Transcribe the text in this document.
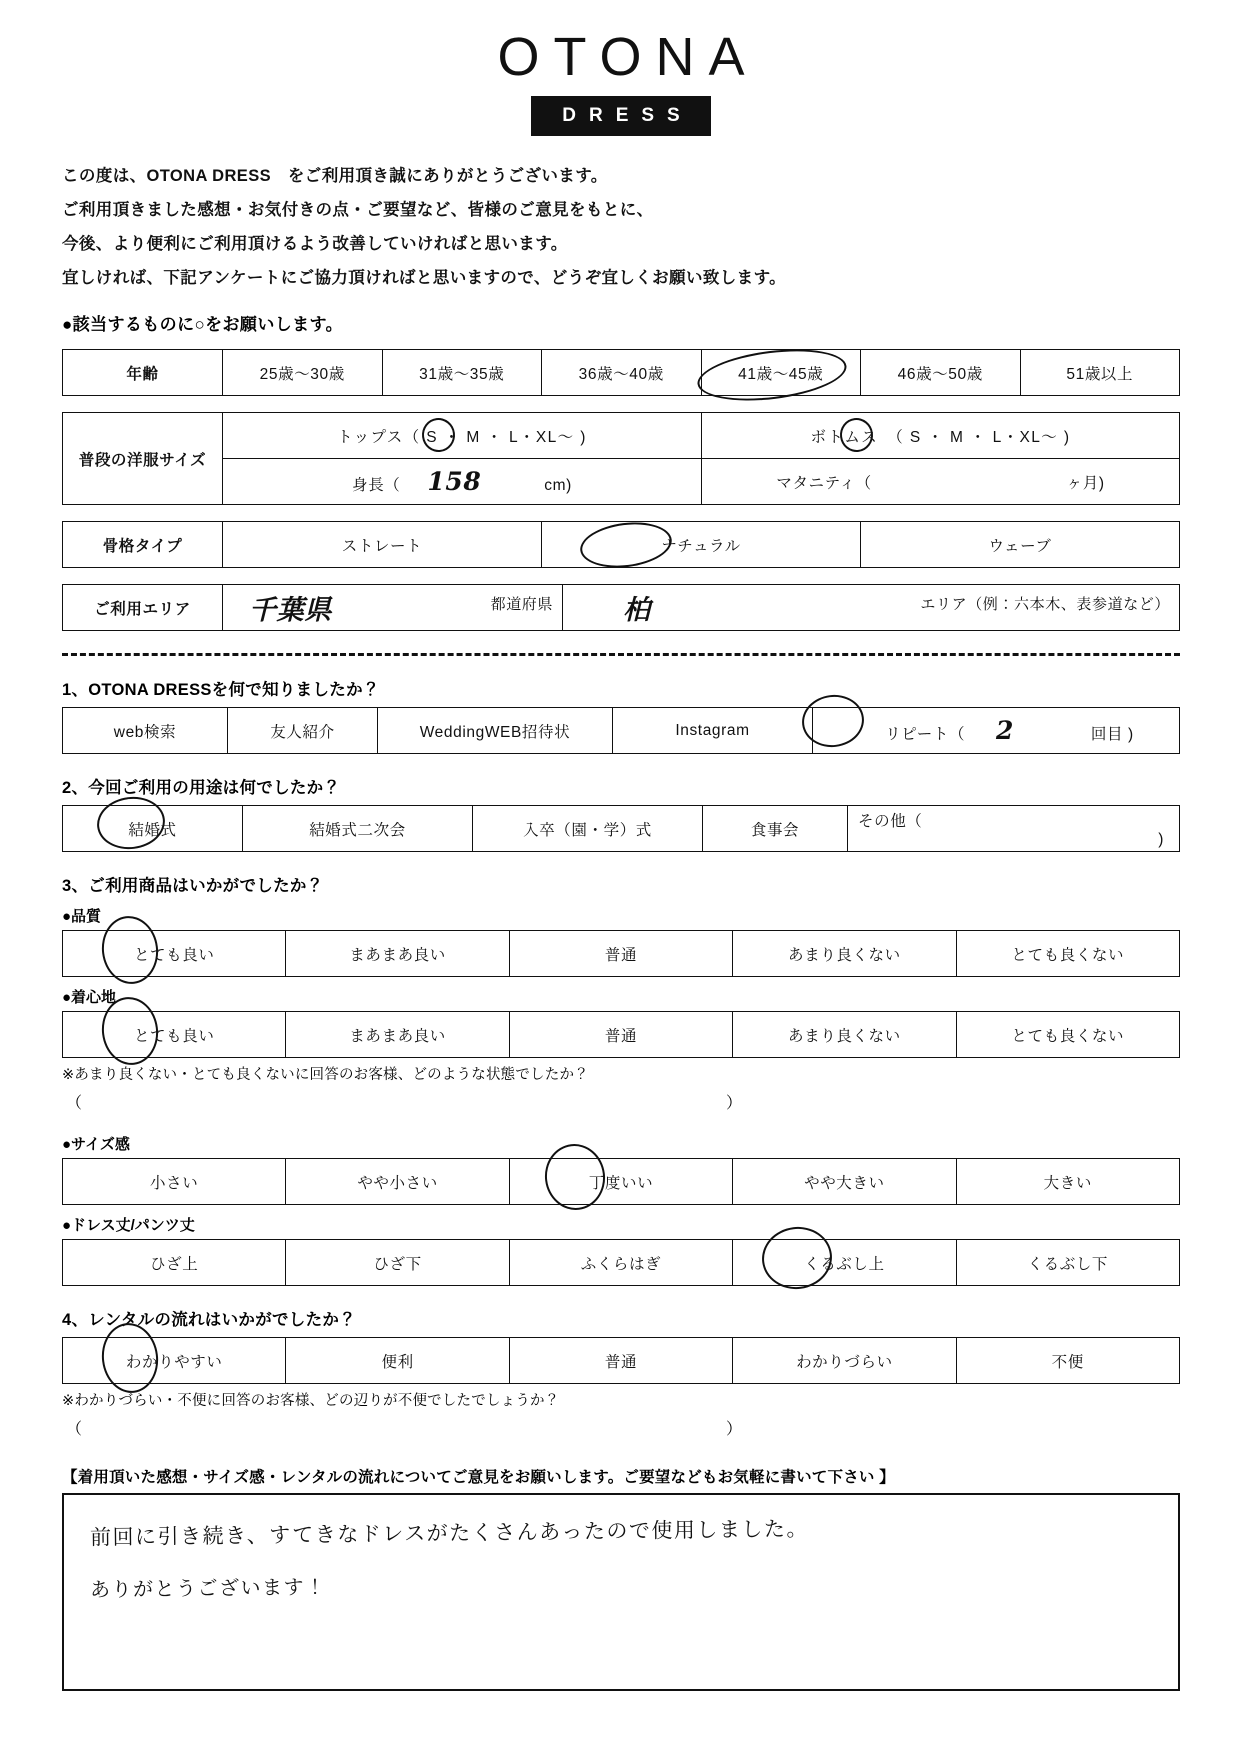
OTONA
DRESS

この度は、OTONA DRESS　をご利用頂き誠にありがとうございます。

ご利用頂きました感想・お気付きの点・ご要望など、皆様のご意見をもとに、

今後、より便利にご利用頂けるよう改善していければと思います。

宜しければ、下記アンケートにご協力頂ければと思いますので、どうぞ宜しくお願い致します。

●該当するものに○をお願いします。
年齢	25歳～30歳	31歳～35歳	36歳～40歳	41歳～45歳	46歳～50歳	51歳以上
普段の洋服サイズ	トップス（ S ・ M ・ L・XL～ )	ボトムス　（ S ・ M ・ L・XL～ )
	身長（ 158 cm)	マタニティ（ ヶ月)
骨格タイプ	ストレート	ナチュラル	ウェーブ
ご利用エリア	千葉県	都道府県	柏	エリア（例：六本木、表参道など）
1、OTONA DRESSを何で知りましたか？
web検索	友人紹介	WeddingWEB招待状	Instagram	リピート（ 2	回目 )
2、今回ご利用の用途は何でしたか？
結婚式	結婚式二次会	入卒（園・学）式	食事会	その他（
)
3、ご利用商品はいかがでしたか？
●品質
とても良い	まあまあ良い	普通	あまり良くない	とても良くない
●着心地
とても良い	まあまあ良い	普通	あまり良くない	とても良くない
※あまり良くない・とても良くないに回答のお客様、どのような状態でしたか？
（	）
●サイズ感
小さい	やや小さい	丁度いい	やや大きい	大きい
●ドレス丈/パンツ丈
ひざ上	ひざ下	ふくらはぎ	くるぶし上	くるぶし下
4、レンタルの流れはいかがでしたか？
わかりやすい	便利	普通	わかりづらい	不便
※わかりづらい・不便に回答のお客様、どの辺りが不便でしたでしょうか？
（	）
【着用頂いた感想・サイズ感・レンタルの流れについてご意見をお願いします。ご要望などもお気軽に書いて下さい 】
前回に引き続き、すてきなドレスがたくさんあったので使用しました。
ありがとうございます！
